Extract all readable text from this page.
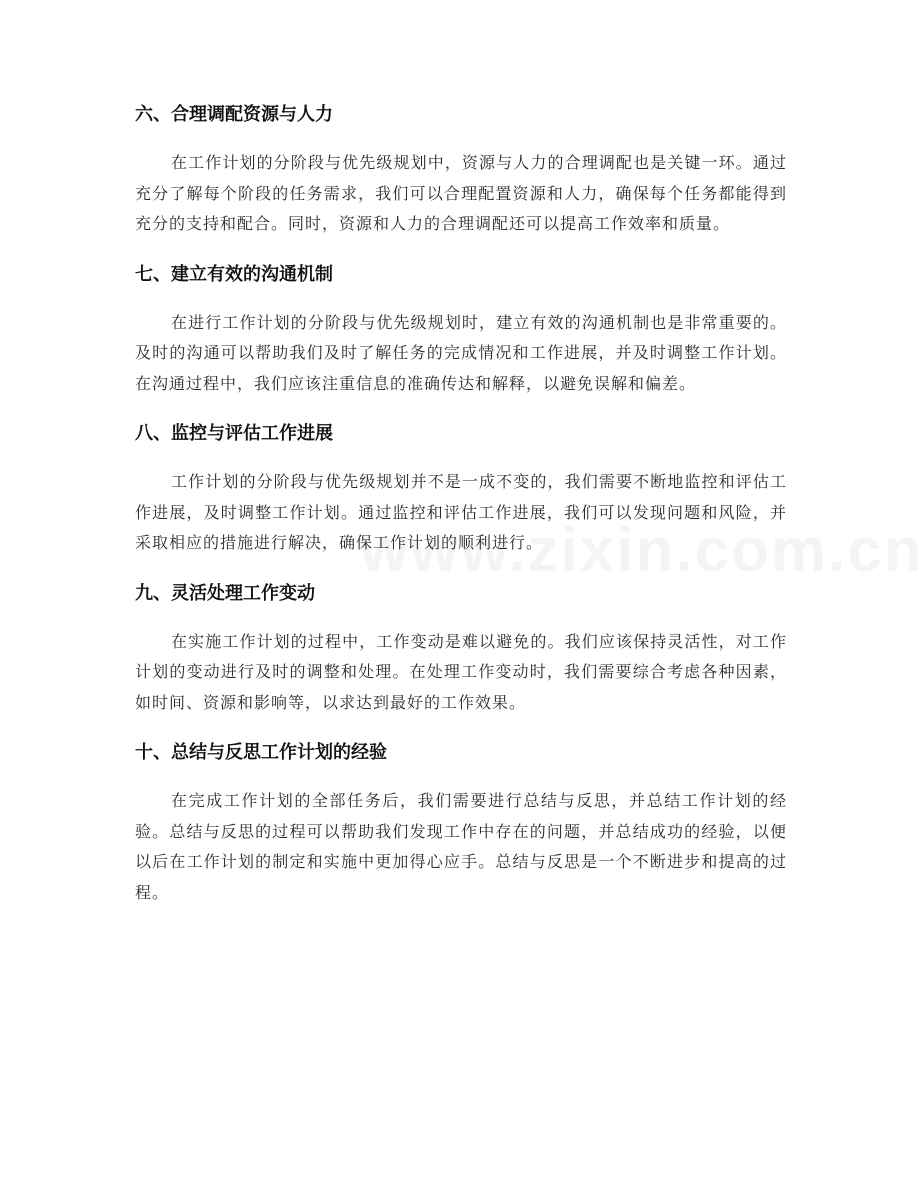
六、合理调配资源与人力

在工作计划的分阶段与优先级规划中，资源与人力的合理调配也是关键一环。通过充分了解每个阶段的任务需求，我们可以合理配置资源和人力，确保每个任务都能得到充分的支持和配合。同时，资源和人力的合理调配还可以提高工作效率和质量。

七、建立有效的沟通机制

在进行工作计划的分阶段与优先级规划时，建立有效的沟通机制也是非常重要的。及时的沟通可以帮助我们及时了解任务的完成情况和工作进展，并及时调整工作计划。在沟通过程中，我们应该注重信息的准确传达和解释，以避免误解和偏差。

八、监控与评估工作进展

工作计划的分阶段与优先级规划并不是一成不变的，我们需要不断地监控和评估工作进展，及时调整工作计划。通过监控和评估工作进展，我们可以发现问题和风险，并采取相应的措施进行解决，确保工作计划的顺利进行。

九、灵活处理工作变动

在实施工作计划的过程中，工作变动是难以避免的。我们应该保持灵活性，对工作计划的变动进行及时的调整和处理。在处理工作变动时，我们需要综合考虑各种因素，如时间、资源和影响等，以求达到最好的工作效果。

十、总结与反思工作计划的经验

在完成工作计划的全部任务后，我们需要进行总结与反思，并总结工作计划的经验。总结与反思的过程可以帮助我们发现工作中存在的问题，并总结成功的经验，以便以后在工作计划的制定和实施中更加得心应手。总结与反思是一个不断进步和提高的过程。
